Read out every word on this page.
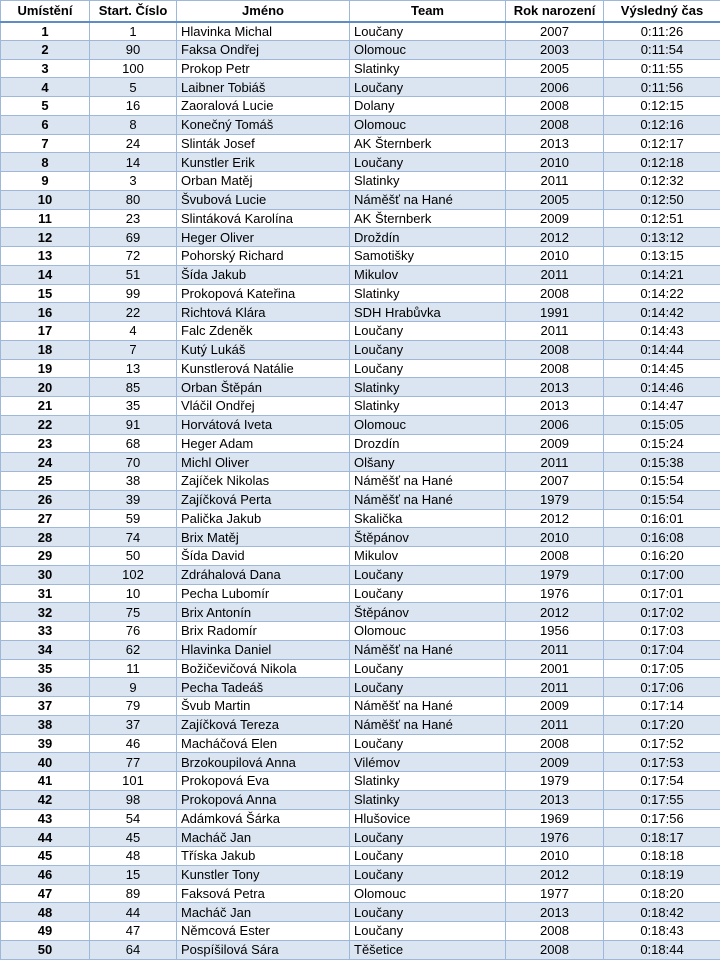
Umístění	Start. Číslo	Jméno	Team	Rok narození	Výsledný čas
1	1	Hlavinka Michal	Loučany	2007	0:11:26
2	90	Faksa Ondřej	Olomouc	2003	0:11:54
3	100	Prokop Petr	Slatinky	2005	0:11:55
4	5	Laibner Tobiáš	Loučany	2006	0:11:56
5	16	Zaoralová Lucie	Dolany	2008	0:12:15
6	8	Konečný Tomáš	Olomouc	2008	0:12:16
7	24	Slinták Josef	AK Šternberk	2013	0:12:17
8	14	Kunstler Erik	Loučany	2010	0:12:18
9	3	Orban Matěj	Slatinky	2011	0:12:32
10	80	Švubová Lucie	Náměšť na Hané	2005	0:12:50
11	23	Slintáková Karolína	AK Šternberk	2009	0:12:51
12	69	Heger Oliver	Droždín	2012	0:13:12
13	72	Pohorský Richard	Samotišky	2010	0:13:15
14	51	Šída Jakub	Mikulov	2011	0:14:21
15	99	Prokopová Kateřina	Slatinky	2008	0:14:22
16	22	Richtová Klára	SDH Hrabůvka	1991	0:14:42
17	4	Falc Zdeněk	Loučany	2011	0:14:43
18	7	Kutý Lukáš	Loučany	2008	0:14:44
19	13	Kunstlerová Natálie	Loučany	2008	0:14:45
20	85	Orban Štěpán	Slatinky	2013	0:14:46
21	35	Vláčil Ondřej	Slatinky	2013	0:14:47
22	91	Horvátová Iveta	Olomouc	2006	0:15:05
23	68	Heger Adam	Drozdín	2009	0:15:24
24	70	Michl Oliver	Olšany	2011	0:15:38
25	38	Zajíček Nikolas	Náměšť na Hané	2007	0:15:54
26	39	Zajíčková Perta	Náměšť na Hané	1979	0:15:54
27	59	Palička Jakub	Skalička	2012	0:16:01
28	74	Brix Matěj	Štěpánov	2010	0:16:08
29	50	Šída David	Mikulov	2008	0:16:20
30	102	Zdráhalová Dana	Loučany	1979	0:17:00
31	10	Pecha Lubomír	Loučany	1976	0:17:01
32	75	Brix Antonín	Štěpánov	2012	0:17:02
33	76	Brix Radomír	Olomouc	1956	0:17:03
34	62	Hlavinka Daniel	Náměšť na Hané	2011	0:17:04
35	11	Božičevičová Nikola	Loučany	2001	0:17:05
36	9	Pecha Tadeáš	Loučany	2011	0:17:06
37	79	Švub Martin	Náměšť na Hané	2009	0:17:14
38	37	Zajíčková Tereza	Náměšť na Hané	2011	0:17:20
39	46	Macháčová Elen	Loučany	2008	0:17:52
40	77	Brzokoupilová Anna	Vilémov	2009	0:17:53
41	101	Prokopová Eva	Slatinky	1979	0:17:54
42	98	Prokopová Anna	Slatinky	2013	0:17:55
43	54	Adámková Šárka	Hlušovice	1969	0:17:56
44	45	Macháč Jan	Loučany	1976	0:18:17
45	48	Tříska Jakub	Loučany	2010	0:18:18
46	15	Kunstler Tony	Loučany	2012	0:18:19
47	89	Faksová Petra	Olomouc	1977	0:18:20
48	44	Macháč Jan	Loučany	2013	0:18:42
49	47	Němcová Ester	Loučany	2008	0:18:43
50	64	Pospíšilová Sára	Těšetice	2008	0:18:44
